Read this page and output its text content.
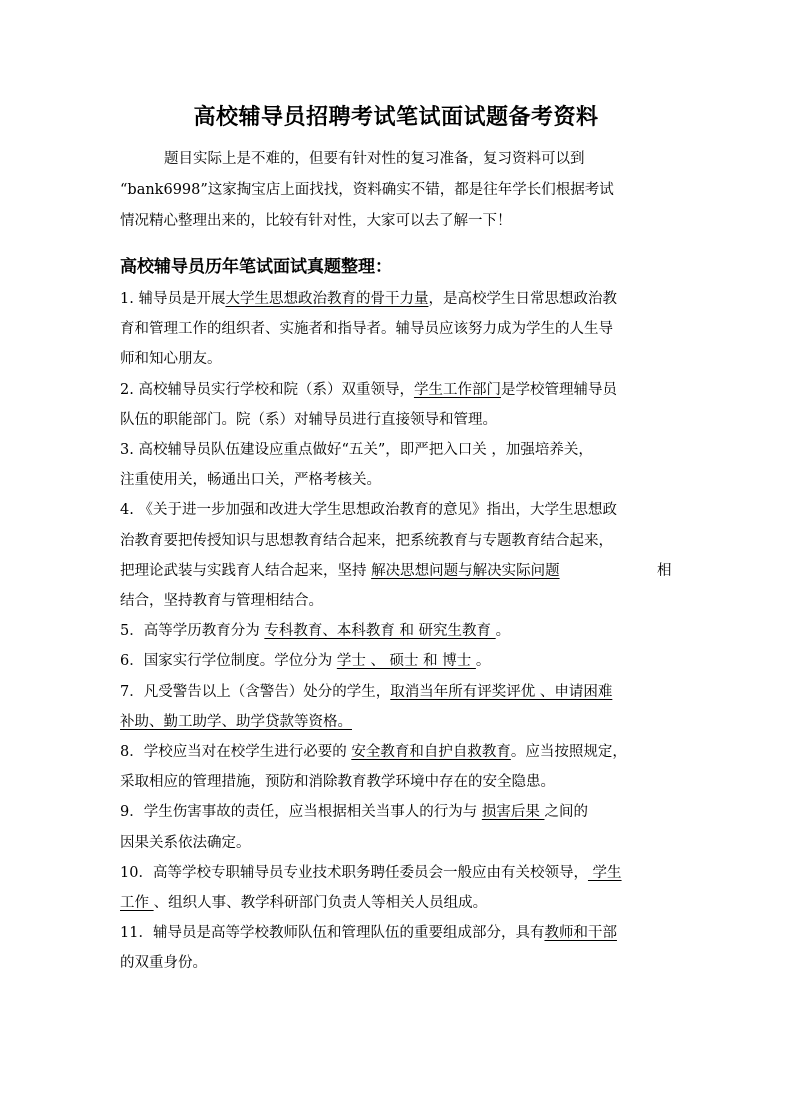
高校辅导员招聘考试笔试面试题备考资料

题目实际上是不难的，但要有针对性的复习准备，复习资料可以到

“bank6998”这家掏宝店上面找找，资料确实不错，都是往年学长们根据考试

情况精心整理出来的，比较有针对性，大家可以去了解一下！

高校辅导员历年笔试面试真题整理：
1. 辅导员是开展大学生思想政治教育的骨干力量，是高校学生日常思想政治教
育和管理工作的组织者、实施者和指导者。辅导员应该努力成为学生的人生导
师和知心朋友。
2. 高校辅导员实行学校和院（系）双重领导，学生工作部门是学校管理辅导员
队伍的职能部门。院（系）对辅导员进行直接领导和管理。
3. 高校辅导员队伍建设应重点做好“五关”，即严把入口关 ，加强培养关，
注重使用关，畅通出口关，严格考核关。
4. 《关于进一步加强和改进大学生思想政治教育的意见》指出，大学生思想政
治教育要把传授知识与思想教育结合起来，把系统教育与专题教育结合起来，
把理论武装与实践育人结合起来，坚持 解决思想问题与解决实际问题	相
结合，坚持教育与管理相结合。
5．高等学历教育分为 专科教育、本科教育 和 研究生教育 。
6．国家实行学位制度。学位分为 学士 、 硕士 和 博士 。
7．凡受警告以上（含警告）处分的学生，取消当年所有评奖评优 、申请困难
补助、勤工助学、助学贷款等资格。
8．学校应当对在校学生进行必要的 安全教育和自护自救教育。应当按照规定，
采取相应的管理措施，预防和消除教育教学环境中存在的安全隐患。
9．学生伤害事故的责任，应当根据相关当事人的行为与 损害后果 之间的
因果关系依法确定。
10．高等学校专职辅导员专业技术职务聘任委员会一般应由有关校领导， 学生
工作 、组织人事、教学科研部门负责人等相关人员组成。
11．辅导员是高等学校教师队伍和管理队伍的重要组成部分，具有教师和干部
的双重身份。
